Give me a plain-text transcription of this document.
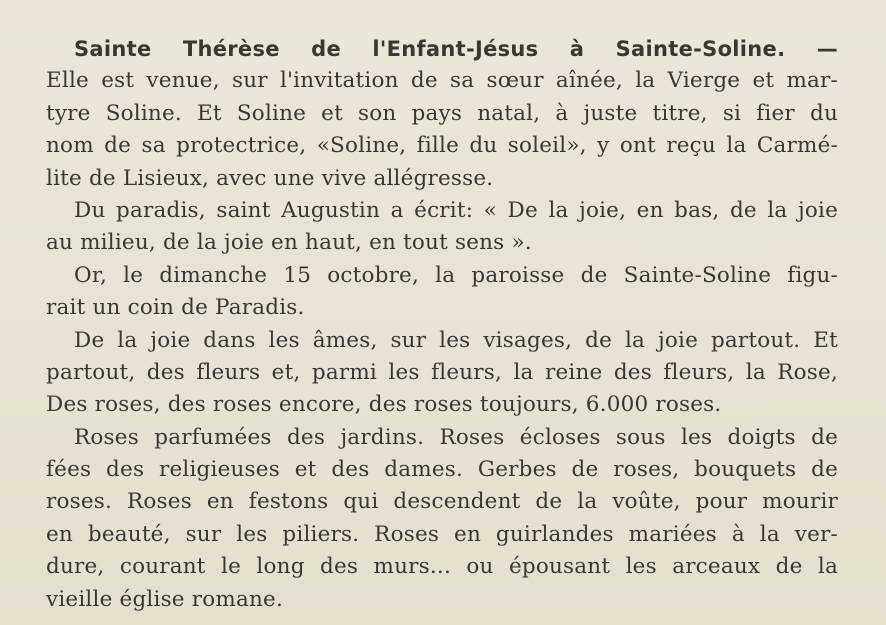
Sainte Thérèse de l'Enfant-Jésus à Sainte-Soline. —
Elle est venue, sur l'invitation de sa sœur aînée, la Vierge et mar-
tyre Soline. Et Soline et son pays natal, à juste titre, si fier du
nom de sa protectrice, «Soline, fille du soleil», y ont reçu la Carmé-
lite de Lisieux, avec une vive allégresse.
Du paradis, saint Augustin a écrit: « De la joie, en bas, de la joie
au milieu, de la joie en haut, en tout sens ».
Or, le dimanche 15 octobre, la paroisse de Sainte-Soline figu-
rait un coin de Paradis.
De la joie dans les âmes, sur les visages, de la joie partout. Et
partout, des fleurs et, parmi les fleurs, la reine des fleurs, la Rose,
Des roses, des roses encore, des roses toujours, 6.000 roses.
Roses parfumées des jardins. Roses écloses sous les doigts de
fées des religieuses et des dames. Gerbes de roses, bouquets de
roses. Roses en festons qui descendent de la voûte, pour mourir
en beauté, sur les piliers. Roses en guirlandes mariées à la ver-
dure, courant le long des murs... ou épousant les arceaux de la
vieille église romane.
